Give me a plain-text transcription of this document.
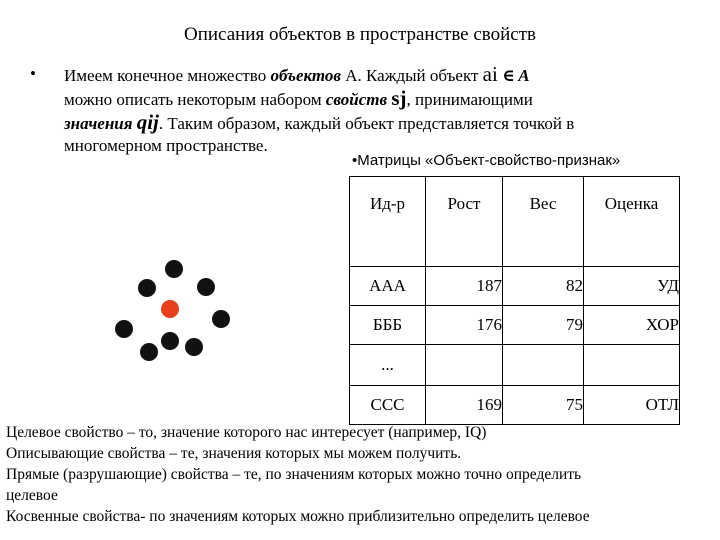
Описания объектов в пространстве свойств
• Имеем конечное множество объектов A. Каждый объект ai ∈ A
можно описать некоторым набором свойств sj, принимающими
значения qij. Таким образом, каждый объект представляется точкой в
многомерном пространстве.
•Матрицы «Объект-свойство-признак»
Ид-р	Рост	Вес	Оценка
ААА	187	82	УД
БББ	176	79	ХОР
...			
ССС	169	75	ОТЛ
Целевое свойство – то, значение которого нас интересует (например, IQ)
Описывающие свойства – те, значения которых мы можем получить.
Прямые (разрушающие) свойства – те, по значениям которых можно точно определить
целевое
Косвенные свойства- по значениям которых можно приблизительно определить целевое
